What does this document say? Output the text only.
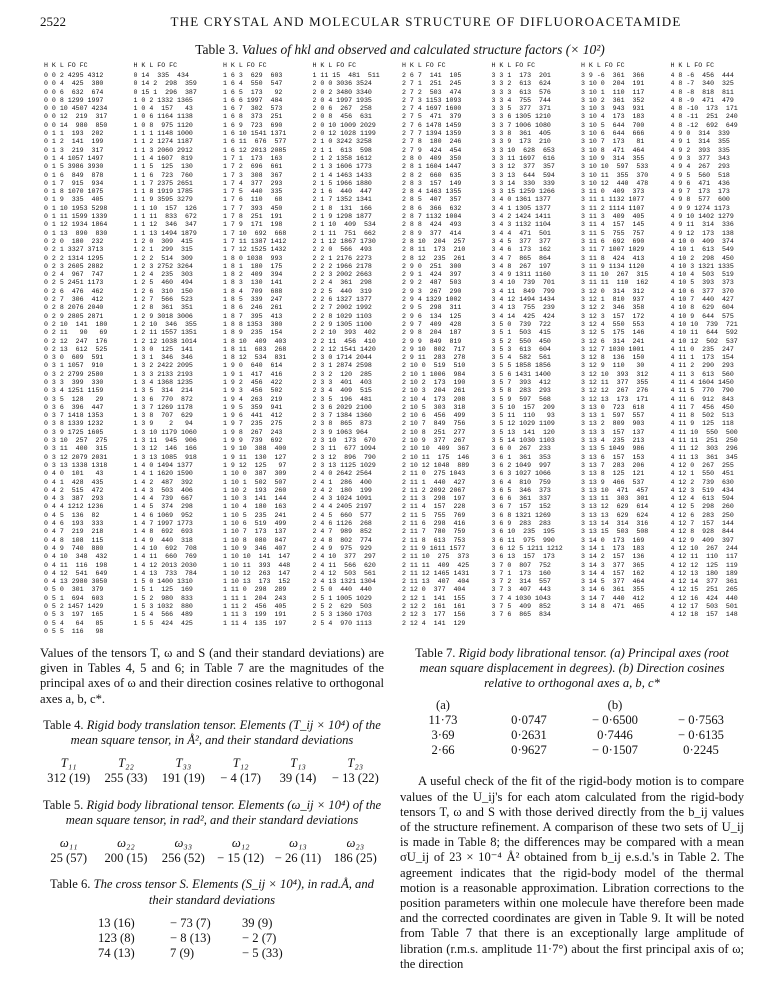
2522	THE CRYSTAL AND MOLECULAR STRUCTURE OF DIFLUOROACETAMIDE
Table 3. Values of hkl and observed and calculated structure factors (× 10²)
H K L FO FC
0 0 2 4295 4312
0 0 4  425  380
0 0 6  632  674
0 0 8 1299 1997
0 0 10 4507 4234
0 0 12  219  317
0 0 14  980  850
0 1 1  193  202
0 1 2  141  199
0 1 3  219  317
0 1 4 1057 1497
0 1 5 3986 3930
0 1 6  849  878
0 1 7  915  934
0 1 8 1070 1075
0 1 9  335  405
0 1 10 1953 5298
0 1 11 1599 1339
0 1 12 1934 1864
0 1 13  890  830
0 2 0  180  232
0 2 1 3327 3713
0 2 2 1314 1295
0 2 3 2605 2882
0 2 4  967  747
0 2 5 2451 1173
0 2 6  476  462
0 2 7  306  412
0 2 8 2076 2040
0 2 9 2805 2871
0 2 10  141  180
0 2 11   90   69
0 2 12  247  176
0 2 13  612  525
0 3 0  609  591
0 3 1 1057  910
0 3 2 2799 2580
0 3 3  399  330
0 3 4 1251 1159
0 3 5  128   29
0 3 6  396  447
0 3 7 1418 1353
0 3 8 1339 1232
0 3 9 1725 1605
0 3 10  257  275
0 3 11  400  315
0 3 12 2079 2031
0 3 13 1338 1318
0 4 0  101   43
0 4 1  428  435
0 4 2  515  472
0 4 3  387  293
0 4 4 1212 1236
0 4 5  136  82
0 4 6  193  333
0 4 7  219  218
0 4 8  108  115
0 4 9  740  880
0 4 10  348  432
0 4 11  116  198
0 4 12  541  649
0 4 13 2980 3050
0 5 0  301  379
0 5 1  694  603
0 5 2 1457 1429
0 5 3  197  165
0 5 4   64   85
0 5 5  116   98
H K L FO FC
0 14  335  434
0 14 2  298  359
0 15 1  296  387
1 0 2 1332 1365
1 0 4  157   43
1 0 6 1164 1138
1 0 8  975 1120
1 1 1 1148 1000
1 1 2 1274 1187
1 1 3 2060 2912
1 1 4 1607  819
1 1 5  125  130
1 1 6  723  760
1 1 7 2375 2651
1 1 8 1919 1785
1 1 9 3595 3279
1 1 10  157  126
1 1 11  833  672
1 1 12  346  347
1 1 13 1494 1879
1 2 0  309  415
1 2 1  299  315
1 2 2  514  309
1 2 3 2752 3264
1 2 4  235  303
1 2 5  460  494
1 2 6  310  150
1 2 7  566  523
1 2 8  361  351
1 2 9 3018 3006
1 2 10  346  355
1 2 11 1557 1351
1 2 12 1038 1014
1 3 0  125  141
1 3 1  346  346
1 3 2 2422 2095
1 3 3 2133 2193
1 3 4 1368 1235
1 3 5  314  214
1 3 6  770  872
1 3 7 1269 1178
1 3 8  707  629
1 3 9    2   94
1 3 10 1179 1060
1 3 11  945  906
1 3 12  146  166
1 3 13 1085  918
1 4 0 1494 1377
1 4 1 1620 1590
1 4 2  487  392
1 4 3  503  406
1 4 4  739  667
1 4 5  374  298
1 4 6 1069  952
1 4 7 1997 1773
1 4 8  692  693
1 4 9  440  318
1 4 10  692  708
1 4 11  660  769
1 4 12 2013 2030
1 4 13  733  784
1 5 0 1400 1310
1 5 1  125  169
1 5 2  980  833
1 5 3 1032  880
1 5 4  566  489
1 5 5  424  425
H K L FO FC
1 6 3  629  603
1 6 4  550  547
1 6 5  173   92
1 6 6 1997  484
1 6 7  302  573
1 6 8  373  251
1 6 9  723  690
1 6 10 1541 1371
1 6 11  676  577
1 6 12 2013 2085
1 7 1  173  163
1 7 2  696  661
1 7 3  308  367
1 7 4  377  293
1 7 5  440  335
1 7 6  110   68
1 7 7  393  450
1 7 8  251  191
1 7 9  171  198
1 7 10  692  668
1 7 11 1387 1412
1 7 12 1525 1432
1 8 0 1038  993
1 8 1  180  175
1 8 2  409  394
1 8 3  130  141
1 8 4  709  688
1 8 5  339  247
1 8 6  246  261
1 8 7  395  413
1 8 8 1353  380
1 8 9  235  154
1 8 10  409  403
1 8 11  683  268
1 8 12  534  831
1 9 0  640  614
1 9 1  417  416
1 9 2  456  422
1 9 3  456  502
1 9 4  263  219
1 9 5  359  941
1 9 6  441  412
1 9 7  235  275
1 9 8  267  243
1 9 9  739  692
1 9 10  388  400
1 9 11  130  127
1 9 12  125   97
1 10 0  387  309
1 10 1  502  507
1 10 2  193  260
1 10 3  141  144
1 10 4  180  163
1 10 5  235  241
1 10 6  519  499
1 10 7  173  137
1 10 8  080  847
1 10 9  346  407
1 10 10  141  147
1 10 11  393  448
1 10 12  263  147
1 10 13  173  152
1 11 0  298  289
1 11 1  204  243
1 11 2  456  405
1 11 3  199  191
1 11 4  135  197
H K L FO FC
1 11 15  481  511
2 0 0 3036 3524
2 0 2 3480 3340
2 0 4 1997 1935
2 0 6  267  258
2 0 8  456  631
2 0 10 1009 2029
2 0 12 1028 1199
2 1 0 3242 3258
2 1 1  613  598
2 1 2 1358 1612
2 1 3 1606 1773
2 1 4 1463 1433
2 1 5 1966 1880
2 1 6  440  447
2 1 7 1352 1341
2 1 8  131  166
2 1 9 1298 1877
2 1 10  409  534
2 1 11  751  662
2 1 12 1867 1730
2 2 0  566  493
2 2 1 2176 2273
2 2 2 1966 2178
2 2 3 2002 2663
2 2 4  361  298
2 2 5  440  319
2 2 6 1327 1377
2 2 7 2002 1992
2 2 8 1029 1103
2 2 9 1305 1100
2 2 10  393  402
2 2 11  456  410
2 2 12 1541 1420
2 3 0 1714 2044
2 3 1 2874 2598
2 3 2  120  285
2 3 3  401  403
2 3 4  409  515
2 3 5  196  481
2 3 6 2029 2100
2 3 7 1384 1360
2 3 8  865  873
2 3 9 1063 964
2 3 10  173  670
2 3 11  677 1094
2 3 12  896  790
2 3 13 1125 1029
2 4 0 2642 2564
2 4 1  286  400
2 4 2  180  199
2 4 3 1024 1091
2 4 4 2405 2197
2 4 5  660  577
2 4 6 1126  268
2 4 7  989  852
2 4 8  802  774
2 4 9  975  929
2 4 10  377  297
2 4 11  566  620
2 4 12  503  561
2 4 13 1321 1304
2 5 0  440  440
2 5 1 1005 1029
2 5 2  629  503
2 5 3 1360 1703
2 5 4  970 1113
H K L FO FC
2 6 7  141  105
2 7 1  251  245
2 7 2  503  474
2 7 3 1153 1093
2 7 4 1697 1600
2 7 5  471  379
2 7 6 1478 1459
2 7 7 1394 1359
2 7 8  180  246
2 7 9  424  454
2 8 0  409  350
2 8 1 1604 1447
2 8 2  660  635
2 8 3  157  149
2 8 4 1463 1355
2 8 5  407  357
2 8 6  366  632
2 8 7 1132 1004
2 8 8  424  493
2 8 9  377  414
2 8 10  204  257
2 8 11  173  210
2 8 12  235  261
2 9 0  251  300
2 9 1  424  397
2 9 2  487  503
2 9 3  267  290
2 9 4 1329 1002
2 9 5  298  311
2 9 6  134  125
2 9 7  409  428
2 9 8  204  187
2 9 9  849  819
2 9 10  802  717
2 9 11  283  278
2 10 0  519  510
2 10 1 1006  984
2 10 2  173  190
2 10 3  204  261
2 10 4  173  208
2 10 5  303  318
2 10 6  456  499
2 10 7  849  756
2 10 8  251  277
2 10 9  377  267
2 10 10  409  367
2 10 11  175  146
2 10 12 1048  889
2 11 0  275 1043
2 11 1  440  427
2 11 2 2092 2067
2 11 3  298  197
2 11 4  157  228
2 11 5  755  769
2 11 6  298  416
2 11 7  780  759
2 11 8  613  753
2 11 9 1611 1577
2 11 10  275  373
2 11 11  409  425
2 11 12 1465 1431
2 11 13  407  404
2 12 0  377  404
2 12 1  141  155
2 12 2  161  161
2 12 3  177  156
2 12 4  141  129
H K L FO FC
3 3 1  173  201
3 3 2  613  624
3 3 3  613  576
3 3 4  755  744
3 3 5  377  371
3 3 6 1305 1210
3 3 7 1006 1080
3 3 8  361  405
3 3 9  173  210
3 3 10  628  653
3 3 11 1697  616
3 3 12  377  357
3 3 13  644  594
3 3 14  330  339
3 3 15 1259 1266
3 4 0 1361 1377
3 4 1 1305 1377
3 4 2 1424 1411
3 4 3 1132 1104
3 4 4  471  501
3 4 5  377  377
3 4 6  173  162
3 4 7  865  864
3 4 8  267  197
3 4 9 1311 1160
3 4 10  739  701
3 4 11  849  799
3 4 12 1494 1434
3 4 13  755  239
3 4 14  425  424
3 5 0  739  722
3 5 1  503  415
3 5 2  550  450
3 5 3  613  604
3 5 4  582  561
3 5 5 1858 1856
3 5 6 1431 1400
3 5 7  393  412
3 5 8  283  293
3 5 9  597  568
3 5 10  157  209
3 5 11  110   93
3 5 12 1029 1109
3 5 13  141  120
3 5 14 1030 1103
3 6 0  267  233
3 6 1  361  353
3 6 2 1049  997
3 6 3 1027 1066
3 6 4  810  759
3 6 5  346  373
3 6 6  361  337
3 6 7  157  152
3 6 8 1321 1269
3 6 9  283  283
3 6 10  235  195
3 6 11  975  990
3 6 12 5 1211 1212
3 6 13  157  173
3 7 0  807  752
3 7 1  173  160
3 7 2  314  557
3 7 3  407  443
3 7 4 1030 1043
3 7 5  409  852
3 7 6  865  834
H K L FO FC
3 9 -6  361  366
3 10 0  204  191
3 10 1  110  117
3 10 2  361  352
3 10 3  943  931
3 10 4  173  183
3 10 5  644  700
3 10 6  644  666
3 10 7  173   81
3 10 8  471  464
3 10 9  314  355
3 10 10  597  533
3 10 11  355  370
3 10 12  440  478
3 11 0  409  373
3 11 1 1132 1077
3 11 2 1114 1107
3 11 3  409  405
3 11 4  157  145
3 11 5  755  757
3 11 6  692  690
3 11 7 1007 1029
3 11 8  424  413
3 11 9 1134 1120
3 11 10  267  315
3 11 11  110  162
3 12 0  314  312
3 12 1  810  937
3 12 2  346  358
3 12 3  157  172
3 12 4  550  553
3 12 5  175  146
3 12 6  314  241
3 12 7 1030 1001
3 12 8  136  150
3 12 9  110   30
3 12 10  393  312
3 12 11  377  355
3 12 12  267  276
3 12 13  173  171
3 13 0  723  618
3 13 1  597  557
3 13 2  809  903
3 13 3  157  137
3 13 4  235  213
3 13 5 1049  986
3 13 6  157  153
3 13 7  283  206
3 13 8  125  121
3 13 9  466  537
3 13 10  471  457
3 13 11  303  301
3 13 12  629  614
3 13 13  629  624
3 13 14  314  316
3 13 15  503  508
3 14 0  173  169
3 14 1  173  183
3 14 2  157  136
3 14 3  377  365
3 14 4  157  162
3 14 5  377  464
3 14 6  361  355
3 14 7  440  412
3 14 8  471  465
H K L FO FC
4 8 -6  456  444
4 8 -7  340  325
4 8 -8  818  811
4 8 -9  471  479
4 8 -10  173  171
4 8 -11  251  240
4 8 -12  692  649
4 9 0  314  339
4 9 1  314  355
4 9 2  393  335
4 9 3  377  343
4 9 4  267  293
4 9 5  560  518
4 9 6  471  436
4 9 7  173  173
4 9 8  577  600
4 9 9 1274 1173
4 9 10 1402 1279
4 9 11  314  336
4 9 12  173  138
4 10 0  409  374
4 10 1  613  549
4 10 2  298  450
4 10 3 1321 1335
4 10 4  503  519
4 10 5  393  373
4 10 6  377  370
4 10 7  440  427
4 10 8  629  604
4 10 9  644  575
4 10 10  739  721
4 10 11  644  592
4 10 12  502  537
4 11 0  235  247
4 11 1  173  154
4 11 2  290  293
4 11 3  613  560
4 11 4 1604 1450
4 11 5  770  790
4 11 6  912  843
4 11 7  456  450
4 11 8  502  513
4 11 9  125  118
4 11 10  550  500
4 11 11  251  250
4 11 12  303  296
4 11 13  361  345
4 12 0  267  255
4 12 1  550  451
4 12 2  739  630
4 12 3  519  434
4 12 4  613  594
4 12 5  298  260
4 12 6  283  250
4 12 7  157  144
4 12 8  928  844
4 12 9  409  397
4 12 10  267  244
4 12 11  110  117
4 12 12  125  119
4 12 13  180  189
4 12 14  377  361
4 12 15  251  265
4 12 16  424  440
4 12 17  503  501
4 12 18  157  148
Values of the tensors T, ω and S (and their standard deviations) are given in Tables 4, 5 and 6; in Table 7 are the magnitudes of the principal axes of ω and their direction cosines relative to orthogonal axes a, b, c*.
Table 4. Rigid body translation tensor. Elements (T_ij × 10⁴) of the mean square tensor, in Å², and their standard deviations
T₁₁	T₂₂	T₃₃	T₁₂	T₁₃	T₂₃
312 (19)	255 (33)	191 (19)	− 4 (17)	39 (14)	− 13 (22)
Table 5. Rigid body librational tensor. Elements (ω_ij × 10⁴) of the mean square tensor, in rad², and their standard deviations
ω₁₁	ω₂₂	ω₃₃	ω₁₂	ω₁₃	ω₂₃
25 (57)	200 (15)	256 (52) − 15 (12) − 26 (11) 186 (25)
Table 6. The cross tensor S. Elements (S_ij × 10⁴), in rad.Å, and their standard deviations
13 (16)	− 73 (7)	39 (9)
123 (8)	− 8 (13)	− 2 (7)
74 (13)	7 (9)	− 5 (33)
Table 7. Rigid body librational tensor. (a) Principal axes (root mean square displacement in degrees). (b) Direction cosines relative to orthogonal axes a, b, c*
(a)	(b)
11·73	0·0747	− 0·6500	− 0·7563
3·69	0·2631	0·7446	− 0·6135
2·66	0·9627	− 0·1507	0·2245
A useful check of the fit of the rigid-body motion is to compare values of the U_ij's for each atom calculated from the rigid-body tensors T, ω and S with those derived directly from the b_ij values of the structure refinement. A comparison of these two sets of U_ij is made in Table 8; the differences may be compared with a mean σU_ij of 23 × 10⁻⁴ Å² obtained from b_ij e.s.d.'s in Table 2. The agreement indicates that the rigid-body model of the thermal motion is a reasonable approximation. Libration corrections to the position parameters within one molecule have therefore been made and the corrected coordinates are given in Table 9. It will be noted from Table 7 that there is an exceptionally large amplitude of libration (r.m.s. amplitude 11·7°) about the first principal axis of ω; the direction
